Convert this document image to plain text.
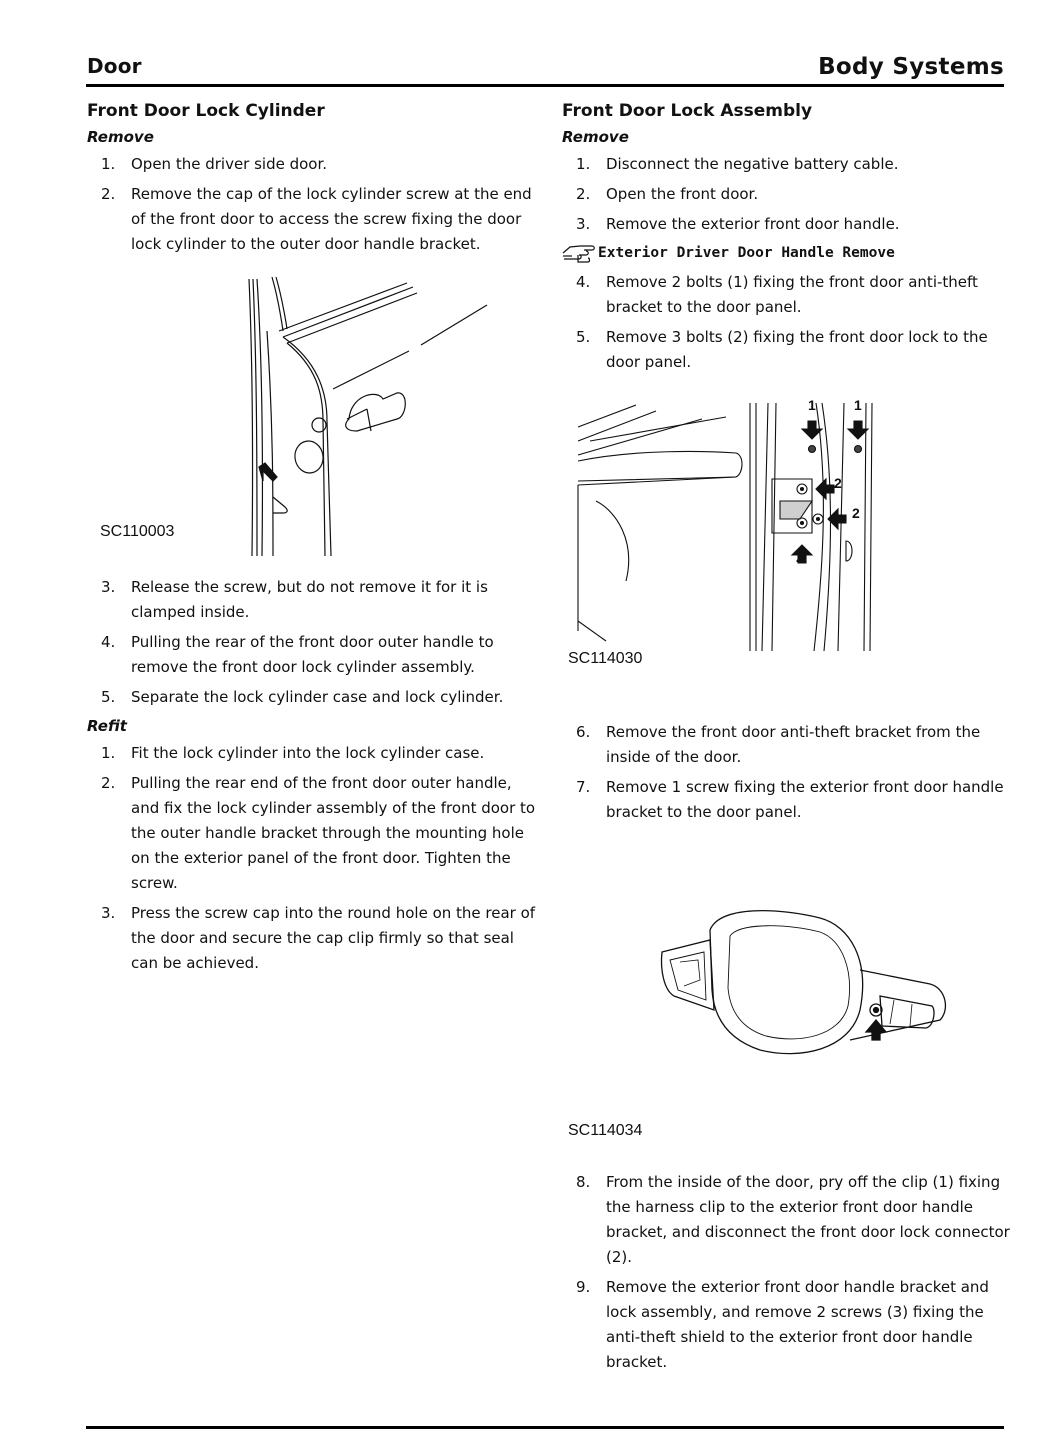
Door	Body Systems
Front Door Lock Cylinder
Remove
1. Open the driver side door.
2. Remove the cap of the lock cylinder screw at the end of the front door to access the screw fixing the door lock cylinder to the outer door handle bracket.
SC110003
3. Release the screw, but do not remove it for it is clamped inside.
4. Pulling the rear of the front door outer handle to remove the front door lock cylinder assembly.
5. Separate the lock cylinder case and lock cylinder.
Refit
1. Fit the lock cylinder into the lock cylinder case.
2. Pulling the rear end of the front door outer handle, and fix the lock cylinder assembly of the front door to the outer handle bracket through the mounting hole on the exterior panel of the front door. Tighten the screw.
3. Press the screw cap into the round hole on the rear of the door and secure the cap clip firmly so that seal can be achieved.
Front Door Lock Assembly
Remove
1. Disconnect the negative battery cable.
2. Open the front door.
3. Remove the exterior front door handle.
Exterior Driver Door Handle Remove
4. Remove 2 bolts (1) fixing the front door anti-theft bracket to the door panel.
5. Remove 3 bolts (2) fixing the front door lock to the door panel.
1	1
2
2
2
SC114030
6. Remove the front door anti-theft bracket from the inside of the door.
7. Remove 1 screw fixing the exterior front door handle bracket to the door panel.
SC114034
8. From the inside of the door, pry off the clip (1) fixing the harness clip to the exterior front door handle bracket, and disconnect the front door lock connector (2).
9. Remove the exterior front door handle bracket and lock assembly, and remove 2 screws (3) fixing the anti-theft shield to the exterior front door handle bracket.
